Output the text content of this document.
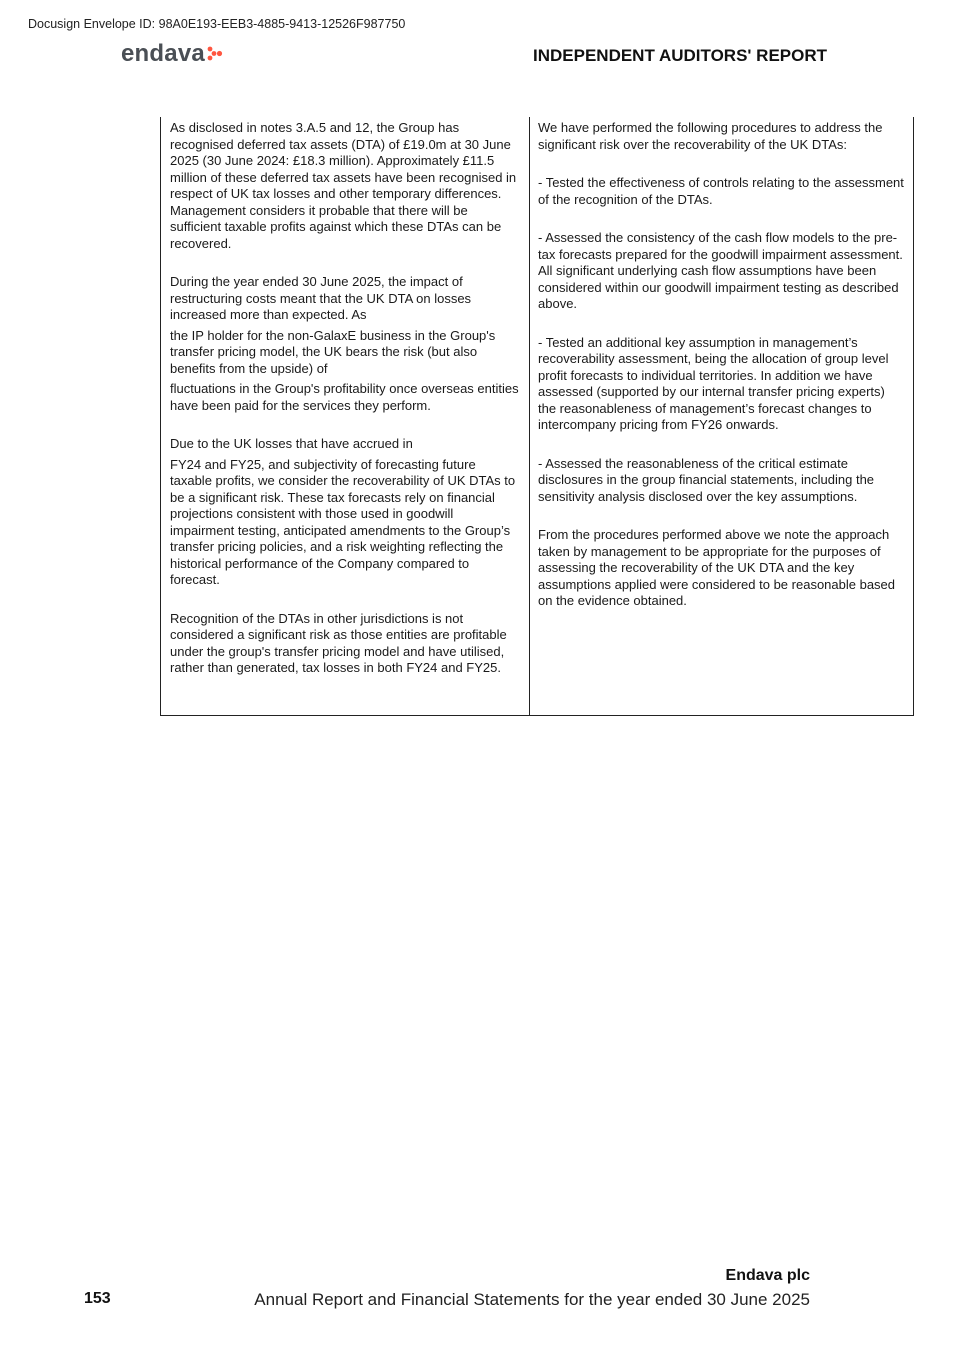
Docusign Envelope ID: 98A0E193-EEB3-4885-9413-12526F987750
endava	INDEPENDENT AUDITORS' REPORT

As disclosed in notes 3.A.5 and 12, the Group has recognised deferred tax assets (DTA) of £19.0m at 30 June 2025 (30 June 2024: £18.3 million). Approximately £11.5 million of these deferred tax assets have been recognised in respect of UK tax losses and other temporary differences. Management considers it probable that there will be sufficient taxable profits against which these DTAs can be recovered.

During the year ended 30 June 2025, the impact of restructuring costs meant that the UK DTA on losses increased more than expected. As

the IP holder for the non-GalaxE business in the Group's transfer pricing model, the UK bears the risk (but also benefits from the upside) of

fluctuations in the Group's profitability once overseas entities have been paid for the services they perform.

Due to the UK losses that have accrued in

FY24 and FY25, and subjectivity of forecasting future taxable profits, we consider the recoverability of UK DTAs to be a significant risk. These tax forecasts rely on financial projections consistent with those used in goodwill impairment testing, anticipated amendments to the Group’s transfer pricing policies, and a risk weighting reflecting the historical performance of the Company compared to forecast.

Recognition of the DTAs in other jurisdictions is not considered a significant risk as those entities are profitable under the group's transfer pricing model and have utilised, rather than generated, tax losses in both FY24 and FY25.

We have performed the following procedures to address the significant risk over the recoverability of the UK DTAs:

- Tested the effectiveness of controls relating to the assessment of the recognition of the DTAs.

- Assessed the consistency of the cash flow models to the pre-tax forecasts prepared for the goodwill impairment assessment. All significant underlying cash flow assumptions have been considered within our goodwill impairment testing as described above.

- Tested an additional key assumption in management’s recoverability assessment, being the allocation of group level profit forecasts to individual territories. In addition we have assessed (supported by our internal transfer pricing experts) the reasonableness of management’s forecast changes to intercompany pricing from FY26 onwards.

- Assessed the reasonableness of the critical estimate disclosures in the group financial statements, including the sensitivity analysis disclosed over the key assumptions.

From the procedures performed above we note the approach taken by management to be appropriate for the purposes of assessing the recoverability of the UK DTA and the key assumptions applied were considered to be reasonable based on the evidence obtained.

Endava plc
153	Annual Report and Financial Statements for the year ended 30 June 2025
